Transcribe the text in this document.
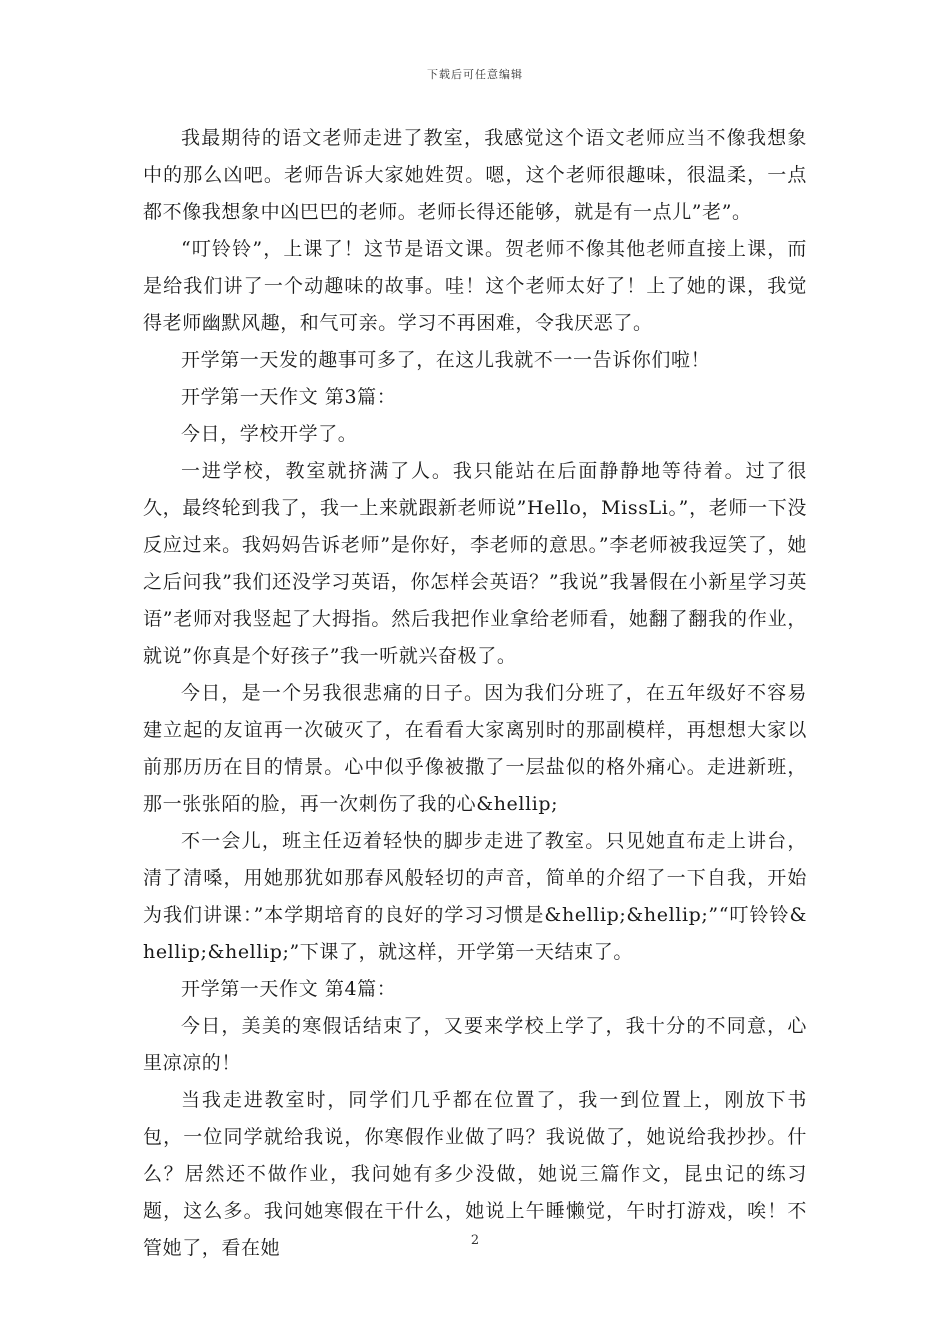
下载后可任意编辑

我最期待的语文老师走进了教室，我感觉这个语文老师应当不像我想象中的那么凶吧。老师告诉大家她姓贺。嗯，这个老师很趣味，很温柔，一点都不像我想象中凶巴巴的老师。老师长得还能够，就是有一点儿”老”。

“叮铃铃”，上课了！这节是语文课。贺老师不像其他老师直接上课，而是给我们讲了一个动趣味的故事。哇！这个老师太好了！上了她的课，我觉得老师幽默风趣，和气可亲。学习不再困难，令我厌恶了。

开学第一天发的趣事可多了，在这儿我就不一一告诉你们啦！

开学第一天作文 第3篇：

今日，学校开学了。

一进学校，教室就挤满了人。我只能站在后面静静地等待着。过了很久，最终轮到我了，我一上来就跟新老师说”Hello，MissLi。”，老师一下没反应过来。我妈妈告诉老师”是你好，李老师的意思。”李老师被我逗笑了，她之后问我”我们还没学习英语，你怎样会英语？”我说”我暑假在小新星学习英语”老师对我竖起了大拇指。然后我把作业拿给老师看，她翻了翻我的作业，就说”你真是个好孩子”我一听就兴奋极了。

今日，是一个另我很悲痛的日子。因为我们分班了，在五年级好不容易建立起的友谊再一次破灭了，在看看大家离别时的那副模样，再想想大家以前那历历在目的情景。心中似乎像被撒了一层盐似的格外痛心。走进新班，那一张张陌的脸，再一次刺伤了我的心&hellip;

不一会儿，班主任迈着轻快的脚步走进了教室。只见她直布走上讲台，清了清嗓，用她那犹如那春风般轻切的声音，简单的介绍了一下自我，开始为我们讲课：”本学期培育的良好的学习习惯是&hellip;&hellip;”“叮铃铃&hellip;&hellip;”下课了，就这样，开学第一天结束了。

开学第一天作文 第4篇：

今日，美美的寒假话结束了，又要来学校上学了，我十分的不同意，心里凉凉的！

当我走进教室时，同学们几乎都在位置了，我一到位置上，刚放下书包，一位同学就给我说，你寒假作业做了吗？我说做了，她说给我抄抄。什么？居然还不做作业，我问她有多少没做，她说三篇作文，昆虫记的练习题，这么多。我问她寒假在干什么，她说上午睡懒觉，午时打游戏，唉！不管她了，看在她	2
